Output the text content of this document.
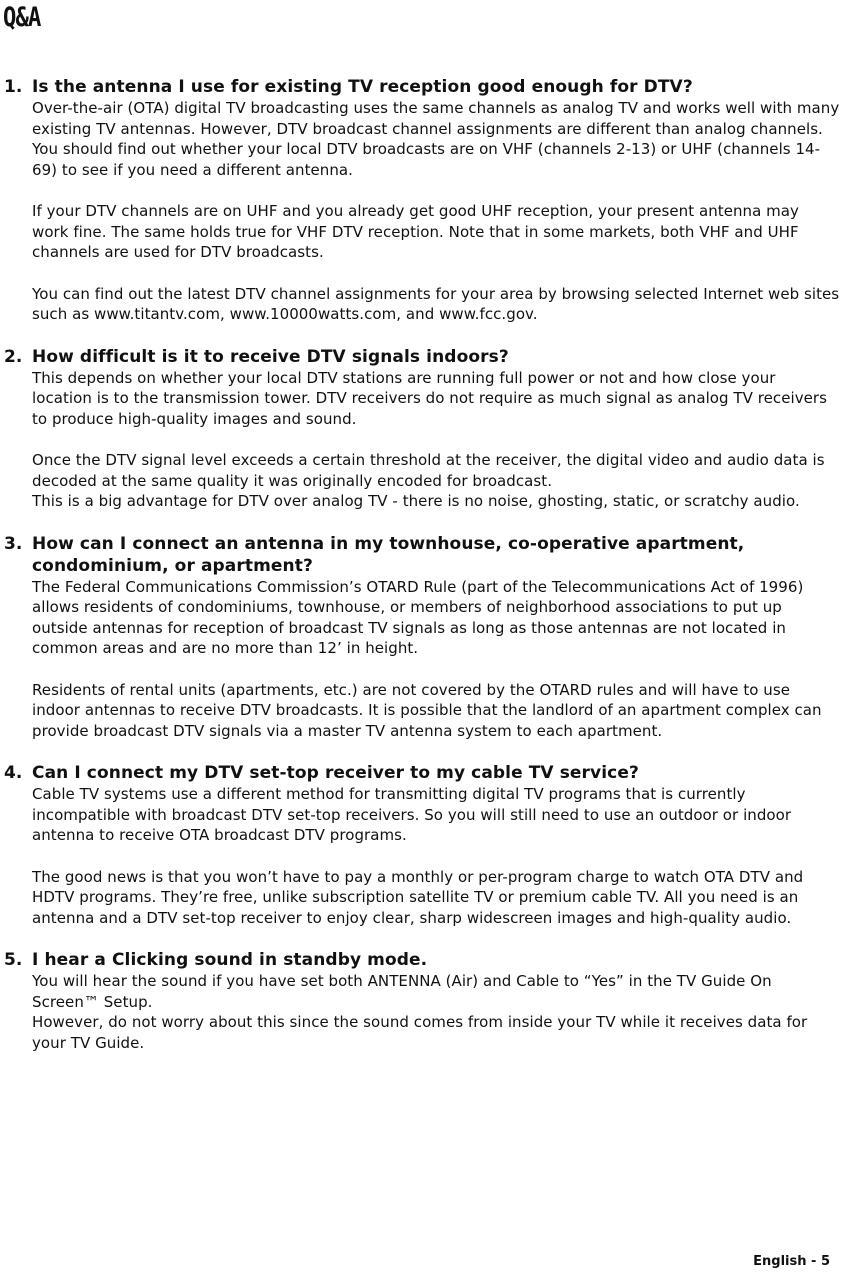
Q&A
1. Is the antenna I use for existing TV reception good enough for DTV?

Over-the-air (OTA) digital TV broadcasting uses the same channels as analog TV and works well with many existing TV antennas. However, DTV broadcast channel assignments are different than analog channels. You should find out whether your local DTV broadcasts are on VHF (channels 2-13) or UHF (channels 14-69) to see if you need a different antenna.

If your DTV channels are on UHF and you already get good UHF reception, your present antenna may work fine. The same holds true for VHF DTV reception. Note that in some markets, both VHF and UHF channels are used for DTV broadcasts.

You can find out the latest DTV channel assignments for your area by browsing selected Internet web sites such as www.titantv.com, www.10000watts.com, and www.fcc.gov.

2. How difficult is it to receive DTV signals indoors?

This depends on whether your local DTV stations are running full power or not and how close your location is to the transmission tower. DTV receivers do not require as much signal as analog TV receivers to produce high-quality images and sound.

Once the DTV signal level exceeds a certain threshold at the receiver, the digital video and audio data is decoded at the same quality it was originally encoded for broadcast.

This is a big advantage for DTV over analog TV - there is no noise, ghosting, static, or scratchy audio.

3. How can I connect an antenna in my townhouse, co-operative apartment, condominium, or apartment?

The Federal Communications Commission’s OTARD Rule (part of the Telecommunications Act of 1996) allows residents of condominiums, townhouse, or members of neighborhood associations to put up outside antennas for reception of broadcast TV signals as long as those antennas are not located in common areas and are no more than 12’ in height.

Residents of rental units (apartments, etc.) are not covered by the OTARD rules and will have to use indoor antennas to receive DTV broadcasts. It is possible that the landlord of an apartment complex can provide broadcast DTV signals via a master TV antenna system to each apartment.

4. Can I connect my DTV set-top receiver to my cable TV service?

Cable TV systems use a different method for transmitting digital TV programs that is currently incompatible with broadcast DTV set-top receivers. So you will still need to use an outdoor or indoor antenna to receive OTA broadcast DTV programs.

The good news is that you won’t have to pay a monthly or per-program charge to watch OTA DTV and HDTV programs. They’re free, unlike subscription satellite TV or premium cable TV. All you need is an antenna and a DTV set-top receiver to enjoy clear, sharp widescreen images and high-quality audio.

5. I hear a Clicking sound in standby mode.

You will hear the sound if you have set both ANTENNA (Air) and Cable to “Yes” in the TV Guide On Screen™ Setup.

However, do not worry about this since the sound comes from inside your TV while it receives data for your TV Guide.

English - 5
